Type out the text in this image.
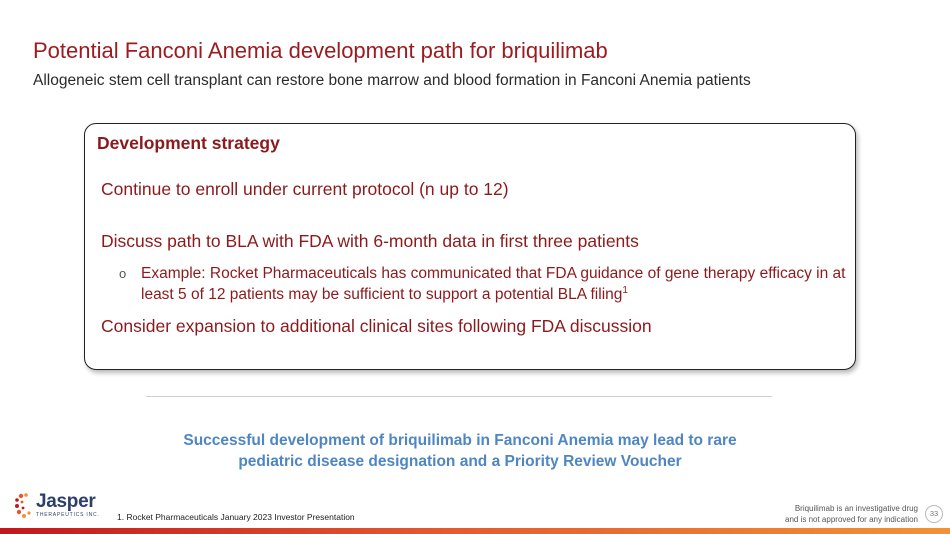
Potential Fanconi Anemia development path for briquilimab
Allogeneic stem cell transplant can restore bone marrow and blood formation in Fanconi Anemia patients
Development strategy
Continue to enroll under current protocol (n up to 12)
Discuss path to BLA with FDA with 6-month data in first three patients
o Example: Rocket Pharmaceuticals has communicated that FDA guidance of gene therapy efficacy in at least 5 of 12 patients may be sufficient to support a potential BLA filing$^1$
Consider expansion to additional clinical sites following FDA discussion
Successful development of briquilimab in Fanconi Anemia may lead to rare
pediatric disease designation and a Priority Review Voucher
Jasper
THERAPEUTICS INC. 1. Rocket Pharmaceuticals January 2023 Investor Presentation
Briquilimab is an investigative drug
and is not approved for any indication
33
